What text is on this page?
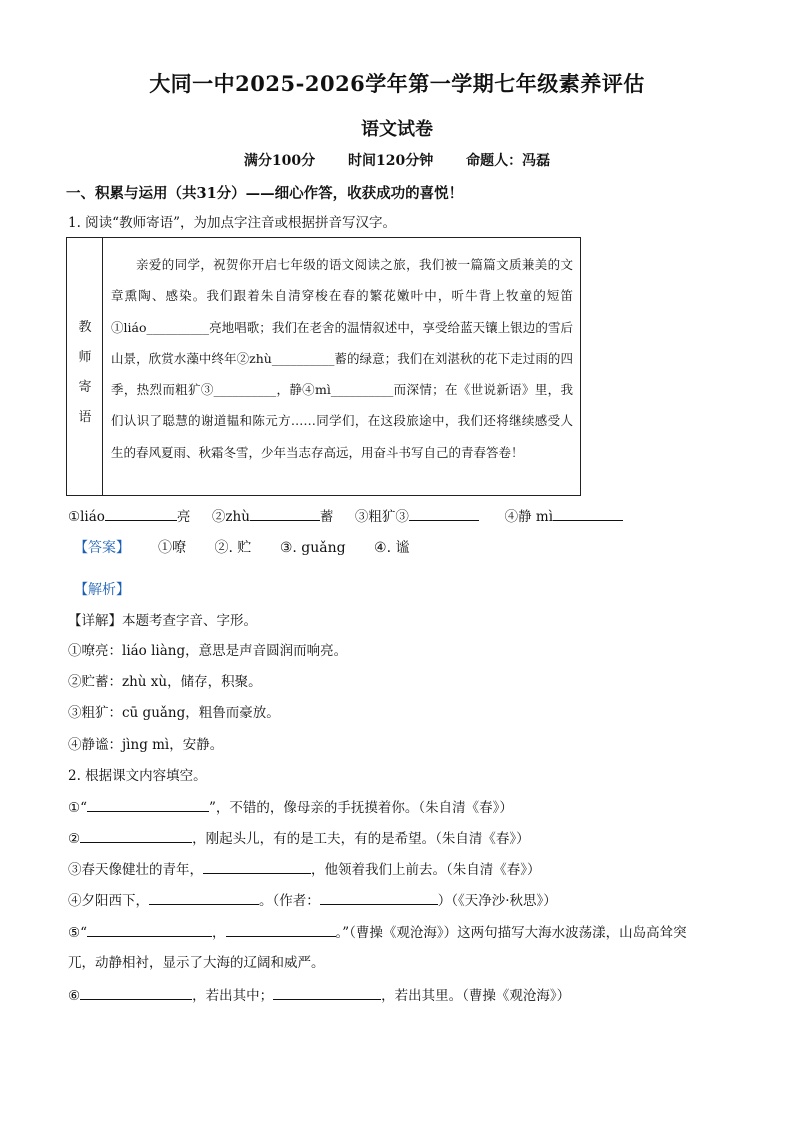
大同一中2025-2026学年第一学期七年级素养评估
语文试卷
满分100分 时间120分钟 命题人：冯磊
一、积累与运用（共31分）——细心作答，收获成功的喜悦！
1. 阅读“教师寄语”，为加点字注音或根据拼音写汉字。
教
师
寄
语

亲爱的同学，祝贺你开启七年级的语文阅读之旅，我们被一篇篇文质兼美的文章熏陶、感染。我们跟着朱自清穿梭在春的繁花嫩叶中，听牛背上牧童的短笛①liáo__________亮地唱歌；我们在老舍的温情叙述中，享受给蓝天镶上银边的雪后山景，欣赏水藻中终年②zhù__________蓄的绿意；我们在刘湛秋的花下走过雨的四季，热烈而粗犷③__________，静④mì__________而深情；在《世说新语》里，我们认识了聪慧的谢道韫和陈元方……同学们，在这段旅途中，我们还将继续感受人生的春风夏雨、秋霜冬雪，少年当志存高远，用奋斗书写自己的青春答卷！

①liáo	亮 ②zhù	蓄 ③粗犷③	④静 mì
【答案】 ①嘹 ②. 贮 ③. guǎng ④. 谧
【解析】
【详解】本题考查字音、字形。
①嘹亮：liáo liàng，意思是声音圆润而响亮。
②贮蓄：zhù xù，储存，积聚。
③粗犷：cū guǎng，粗鲁而豪放。
④静谧：jìng mì，安静。
2. 根据课文内容填空。
①“	”，不错的，像母亲的手抚摸着你。（朱自清《春》）
②	，刚起头儿，有的是工夫，有的是希望。（朱自清《春》）
③春天像健壮的青年，	，他领着我们上前去。（朱自清《春》）
④夕阳西下，	。（作者：	）（《天净沙·秋思》）
⑤“	，	。”（曹操《观沧海》）这两句描写大海水波荡漾，山岛高耸突
兀，动静相衬，显示了大海的辽阔和威严。
⑥	，若出其中；	，若出其里。（曹操《观沧海》）
